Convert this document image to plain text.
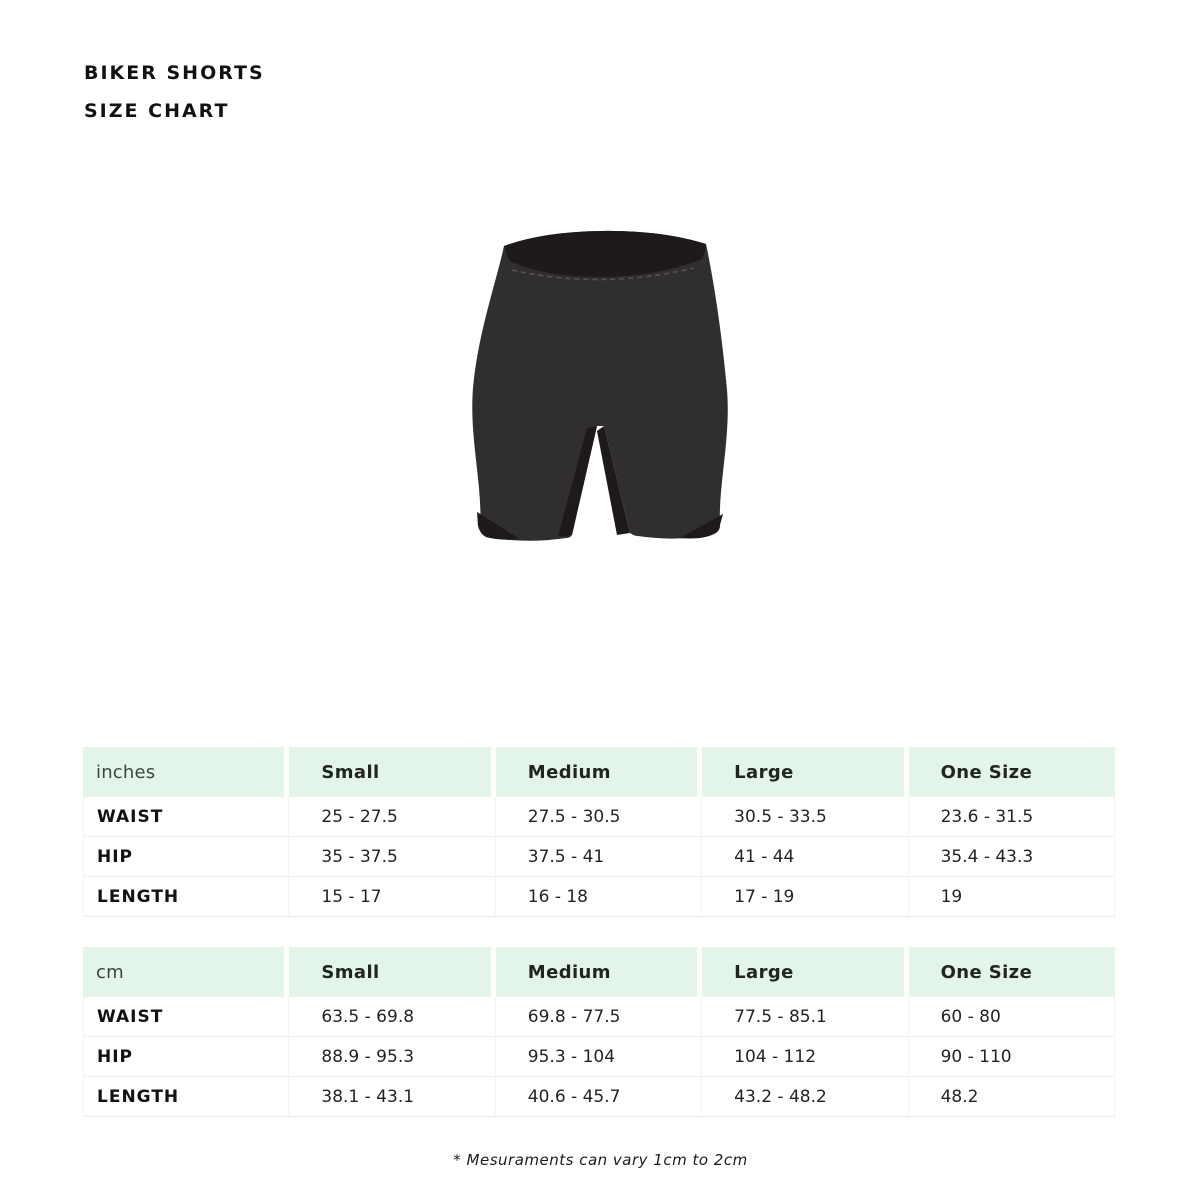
BIKER SHORTS
SIZE CHART
inches	Small	Medium	Large	One Size
WAIST	25 - 27.5	27.5 - 30.5	30.5 - 33.5	23.6 - 31.5
HIP	35 - 37.5	37.5 - 41	41 - 44	35.4 - 43.3
LENGTH	15 - 17	16 - 18	17 - 19	19
cm	Small	Medium	Large	One Size
WAIST	63.5 - 69.8	69.8 - 77.5	77.5 - 85.1	60 - 80
HIP	88.9 - 95.3	95.3 - 104	104 - 112	90 - 110
LENGTH	38.1 - 43.1	40.6 - 45.7	43.2 - 48.2	48.2
* Mesuraments can vary 1cm to 2cm
